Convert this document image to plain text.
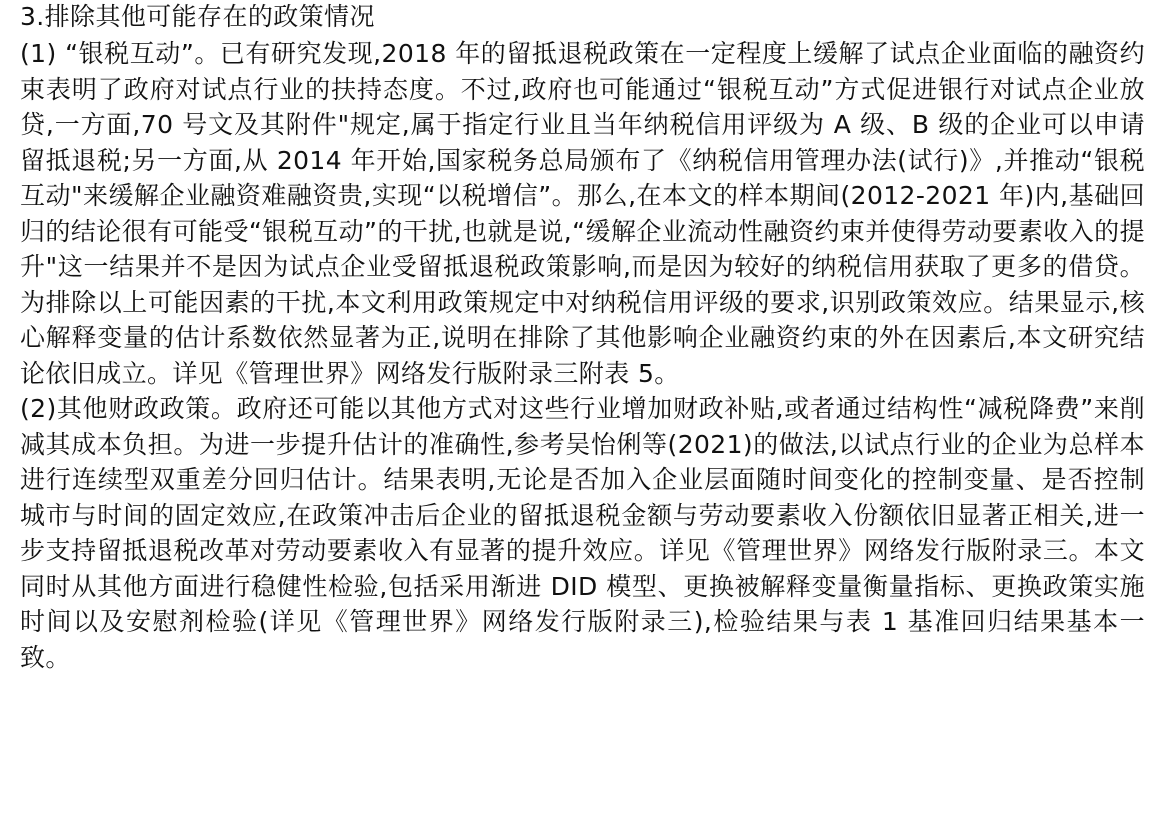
3.排除其他可能存在的政策情况

(1) “银税互动”。已有研究发现,2018 年的留抵退税政策在一定程度上缓解了试点企业面临的融资约束表明了政府对试点行业的扶持态度。不过,政府也可能通过“银税互动”方式促进银行对试点企业放贷,一方面,70 号文及其附件"规定,属于指定行业且当年纳税信用评级为 A 级、B 级的企业可以申请留抵退税;另一方面,从 2014 年开始,国家税务总局颁布了《纳税信用管理办法(试行)》,并推动“银税互动"来缓解企业融资难融资贵,实现“以税增信”。那么,在本文的样本期间(2012-2021 年)内,基础回归的结论很有可能受“银税互动”的干扰,也就是说,“缓解企业流动性融资约束并使得劳动要素收入的提升"这一结果并不是因为试点企业受留抵退税政策影响,而是因为较好的纳税信用获取了更多的借贷。为排除以上可能因素的干扰,本文利用政策规定中对纳税信用评级的要求,识别政策效应。结果显示,核心解释变量的估计系数依然显著为正,说明在排除了其他影响企业融资约束的外在因素后,本文研究结论依旧成立。详见《管理世界》网络发行版附录三附表 5。

(2)其他财政政策。政府还可能以其他方式对这些行业增加财政补贴,或者通过结构性“减税降费”来削减其成本负担。为进一步提升估计的准确性,参考吴怡俐等(2021)的做法,以试点行业的企业为总样本进行连续型双重差分回归估计。结果表明,无论是否加入企业层面随时间变化的控制变量、是否控制城市与时间的固定效应,在政策冲击后企业的留抵退税金额与劳动要素收入份额依旧显著正相关,进一步支持留抵退税改革对劳动要素收入有显著的提升效应。详见《管理世界》网络发行版附录三。本文同时从其他方面进行稳健性检验,包括采用渐进 DID 模型、更换被解释变量衡量指标、更换政策实施时间以及安慰剂检验(详见《管理世界》网络发行版附录三),检验结果与表 1 基准回归结果基本一致。
